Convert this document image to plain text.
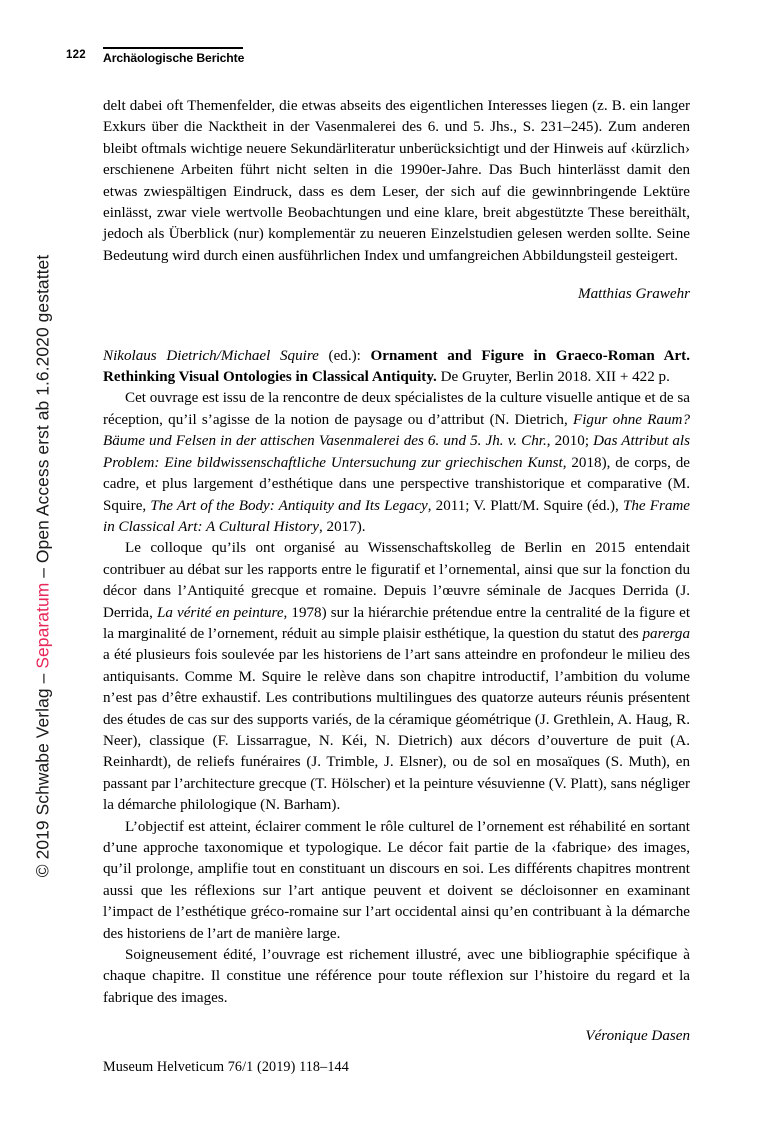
© 2019 Schwabe Verlag – Separatum – Open Access erst ab 1.6.2020 gestattet
122 Archäologische Berichte

delt dabei oft Themenfelder, die etwas abseits des eigentlichen Interesses liegen (z. B. ein langer Exkurs über die Nacktheit in der Vasenmalerei des 6. und 5. Jhs., S. 231–245). Zum anderen bleibt oftmals wichtige neuere Sekundärliteratur unberücksichtigt und der Hinweis auf ‹kürzlich› erschienene Arbeiten führt nicht selten in die 1990er-Jahre. Das Buch hinterlässt damit den etwas zwiespältigen Eindruck, dass es dem Leser, der sich auf die gewinnbringende Lektüre einlässt, zwar viele wertvolle Beobachtungen und eine klare, breit abgestützte These bereithält, jedoch als Überblick (nur) komplementär zu neueren Einzelstudien gelesen werden sollte. Seine Bedeutung wird durch einen ausführlichen Index und umfangreichen Abbildungsteil gesteigert.

Matthias Grawehr

Nikolaus Dietrich/Michael Squire (ed.): Ornament and Figure in Graeco-Roman Art. Rethinking Visual Ontologies in Classical Antiquity. De Gruyter, Berlin 2018. XII + 422 p.

Cet ouvrage est issu de la rencontre de deux spécialistes de la culture visuelle antique et de sa réception, qu’il s’agisse de la notion de paysage ou d’attribut (N. Dietrich, Figur ohne Raum? Bäume und Felsen in der attischen Vasenmalerei des 6. und 5. Jh. v. Chr., 2010; Das Attribut als Problem: Eine bildwissenschaftliche Untersuchung zur griechischen Kunst, 2018), de corps, de cadre, et plus largement d’esthétique dans une perspective transhistorique et comparative (M. Squire, The Art of the Body: Antiquity and Its Legacy, 2011; V. Platt/M. Squire (éd.), The Frame in Classical Art: A Cultural History, 2017).

Le colloque qu’ils ont organisé au Wissenschaftskolleg de Berlin en 2015 entendait contribuer au débat sur les rapports entre le figuratif et l’ornemental, ainsi que sur la fonction du décor dans l’Antiquité grecque et romaine. Depuis l’œuvre séminale de Jacques Derrida (J. Derrida, La vérité en peinture, 1978) sur la hiérarchie prétendue entre la centralité de la figure et la marginalité de l’ornement, réduit au simple plaisir esthétique, la question du statut des parerga a été plusieurs fois soulevée par les historiens de l’art sans atteindre en profondeur le milieu des antiquisants. Comme M. Squire le relève dans son chapitre introductif, l’ambition du volume n’est pas d’être exhaustif. Les contributions multilingues des quatorze auteurs réunis présentent des études de cas sur des supports variés, de la céramique géométrique (J. Grethlein, A. Haug, R. Neer), classique (F. Lissarrague, N. Kéi, N. Dietrich) aux décors d’ouverture de puit (A. Reinhardt), de reliefs funéraires (J. Trimble, J. Elsner), ou de sol en mosaïques (S. Muth), en passant par l’architecture grecque (T. Hölscher) et la peinture vésuvienne (V. Platt), sans négliger la démarche philologique (N. Barham).

L’objectif est atteint, éclairer comment le rôle culturel de l’ornement est réhabilité en sortant d’une approche taxonomique et typologique. Le décor fait partie de la ‹fabrique› des images, qu’il prolonge, amplifie tout en constituant un discours en soi. Les différents chapitres montrent aussi que les réflexions sur l’art antique peuvent et doivent se décloisonner en examinant l’impact de l’esthétique gréco-romaine sur l’art occidental ainsi qu’en contribuant à la démarche des historiens de l’art de manière large.

Soigneusement édité, l’ouvrage est richement illustré, avec une bibliographie spécifique à chaque chapitre. Il constitue une référence pour toute réflexion sur l’histoire du regard et la fabrique des images.

Véronique Dasen

Museum Helveticum 76/1 (2019) 118–144
